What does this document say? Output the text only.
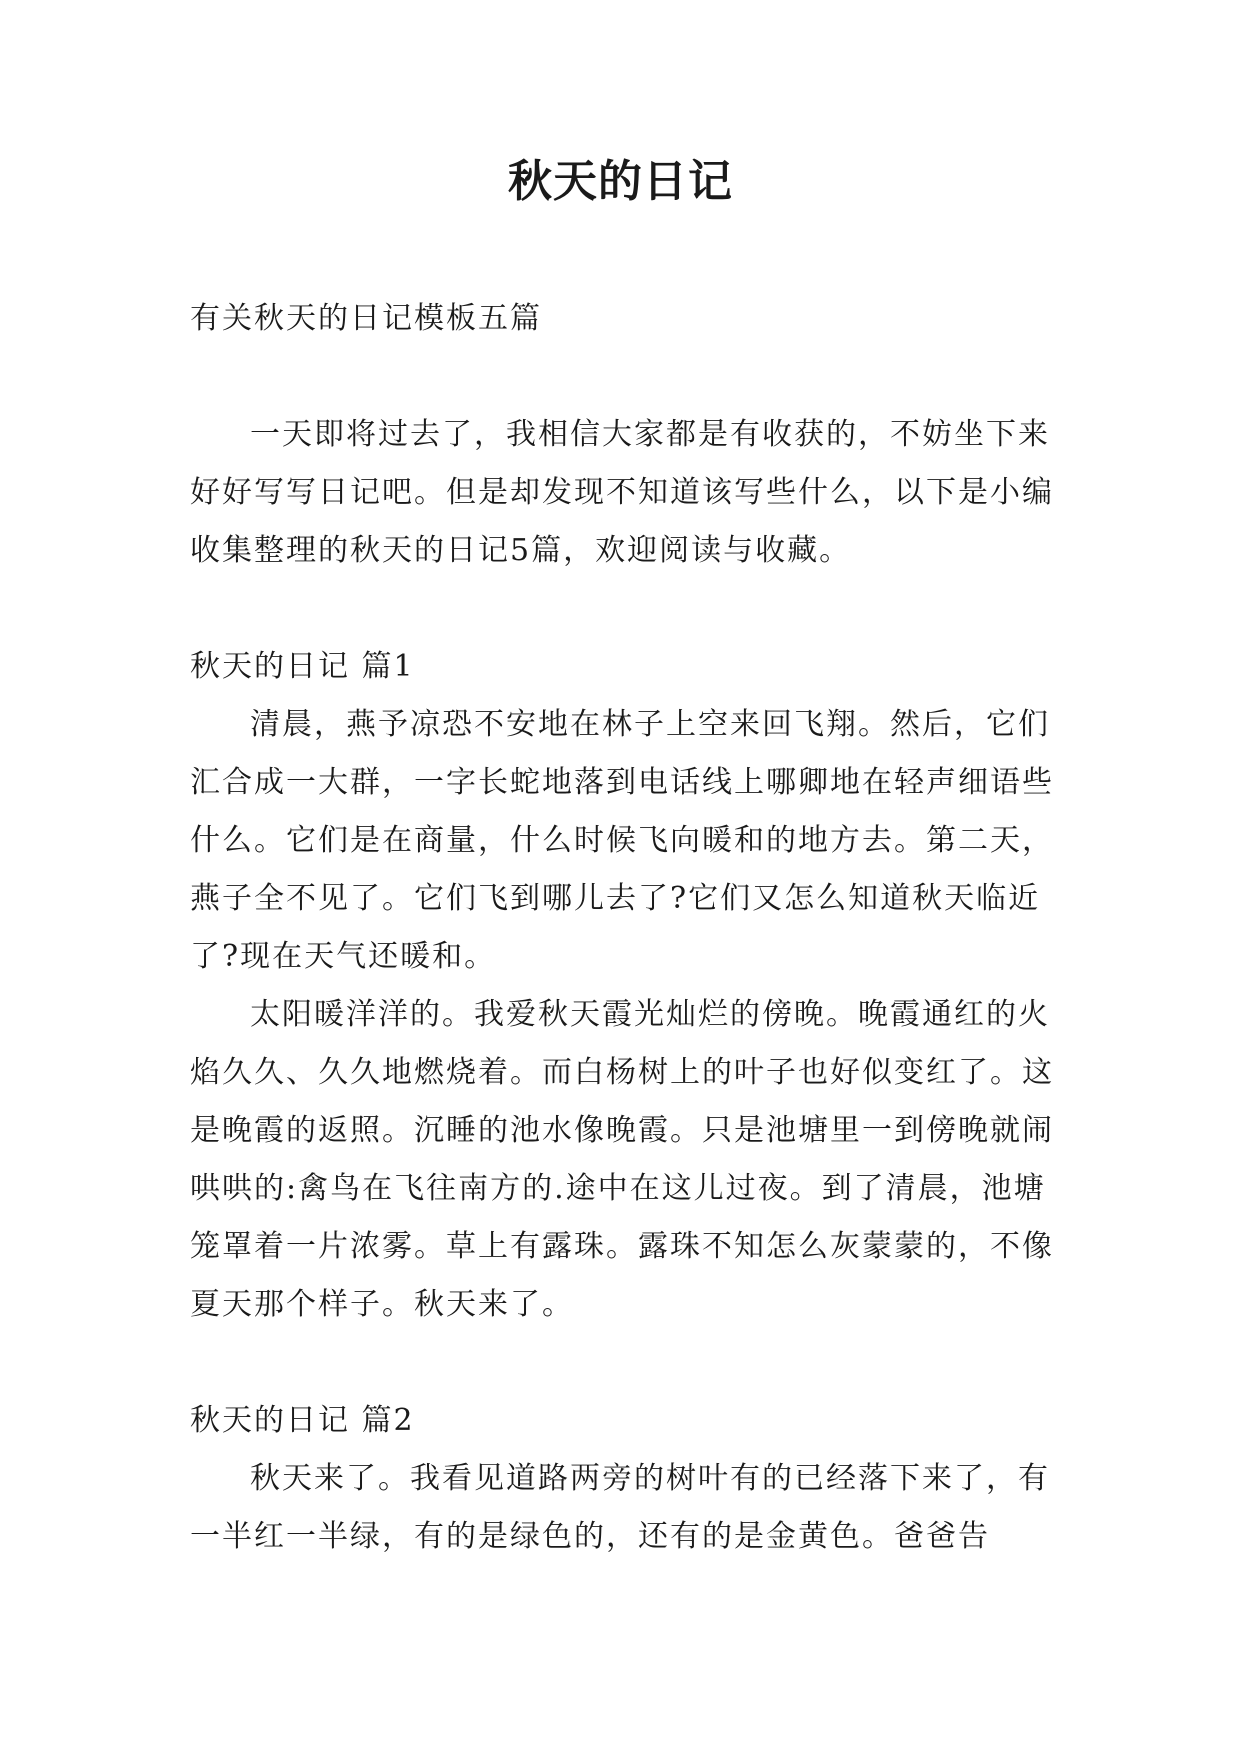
秋天的日记

有关秋天的日记模板五篇

一天即将过去了，我相信大家都是有收获的，不妨坐下来好好写写日记吧。但是却发现不知道该写些什么，以下是小编收集整理的秋天的日记5篇，欢迎阅读与收藏。

秋天的日记 篇1

清晨，燕予凉恐不安地在林子上空来回飞翔。然后，它们汇合成一大群，一字长蛇地落到电话线上哪卿地在轻声细语些什么。它们是在商量，什么时候飞向暖和的地方去。第二天，燕子全不见了。它们飞到哪儿去了?它们又怎么知道秋天临近了?现在天气还暖和。

太阳暖洋洋的。我爱秋天霞光灿烂的傍晚。晚霞通红的火焰久久、久久地燃烧着。而白杨树上的叶子也好似变红了。这是晚霞的返照。沉睡的池水像晚霞。只是池塘里一到傍晚就闹哄哄的:禽鸟在飞往南方的.途中在这儿过夜。到了清晨，池塘笼罩着一片浓雾。草上有露珠。露珠不知怎么灰蒙蒙的，不像夏天那个样子。秋天来了。

秋天的日记 篇2

秋天来了。我看见道路两旁的树叶有的已经落下来了，有一半红一半绿，有的是绿色的，还有的是金黄色。爸爸告
